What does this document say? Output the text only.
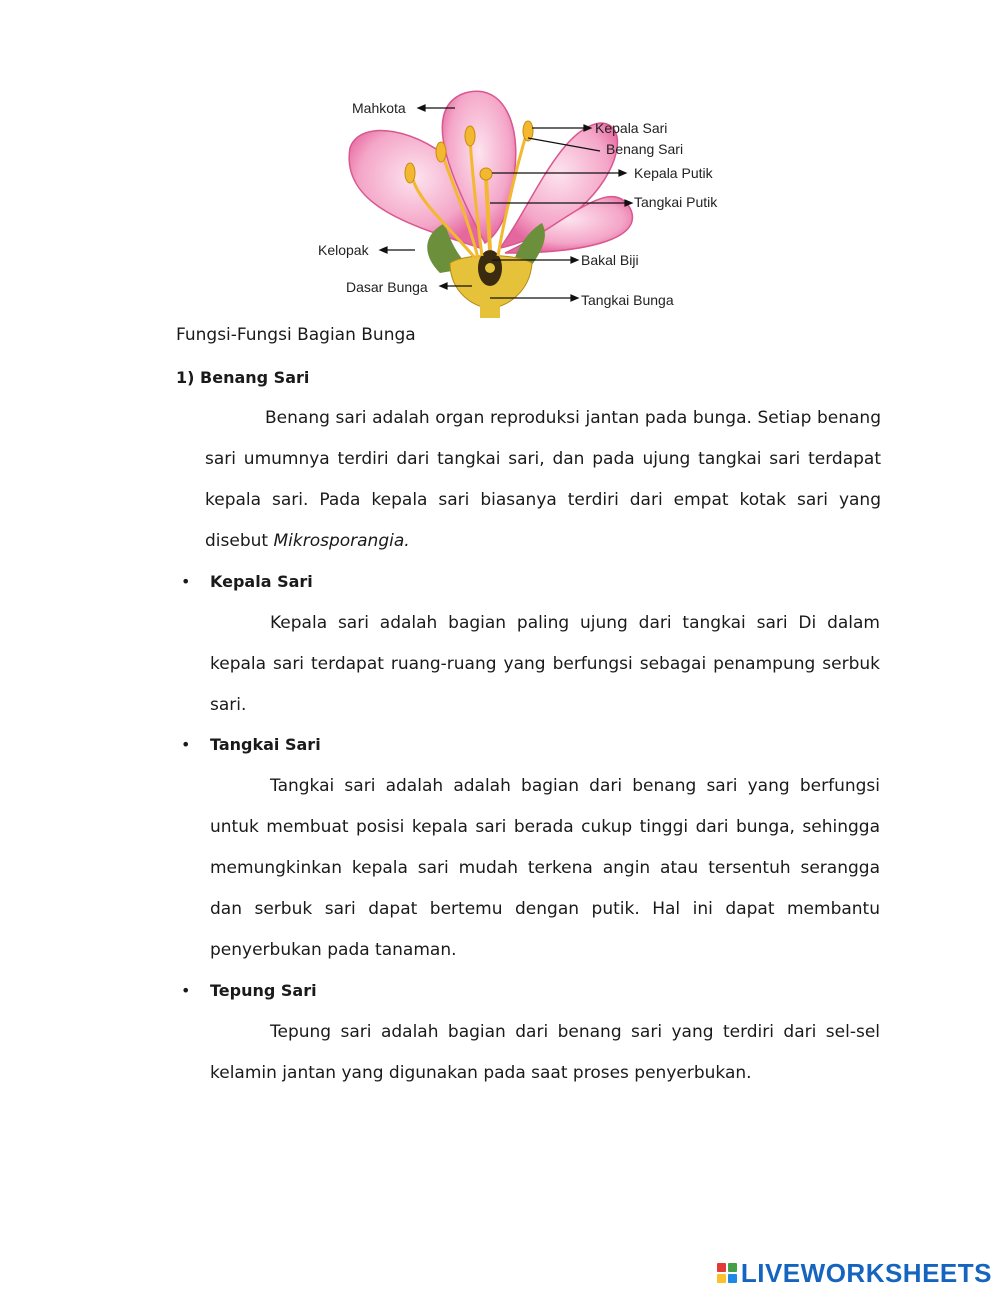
Mahkota
Kepala Sari
Benang Sari
Kepala Putik
Tangkai Putik
Kelopak
Bakal Biji
Dasar Bunga
Tangkai Bunga
Fungsi-Fungsi Bagian Bunga
1) Benang Sari
Benang sari adalah organ reproduksi jantan pada bunga. Setiap benang sari umumnya terdiri dari tangkai sari, dan pada ujung tangkai sari terdapat kepala sari. Pada kepala sari biasanya terdiri dari empat kotak sari yang disebut Mikrosporangia.
• Kepala Sari
Kepala sari adalah bagian paling ujung dari tangkai sari Di dalam kepala sari terdapat ruang-ruang yang berfungsi sebagai penampung serbuk sari.
• Tangkai Sari
Tangkai sari adalah adalah bagian dari benang sari yang berfungsi untuk membuat posisi kepala sari berada cukup tinggi dari bunga, sehingga memungkinkan kepala sari mudah terkena angin atau tersentuh serangga dan serbuk sari dapat bertemu dengan putik. Hal ini dapat membantu penyerbukan pada tanaman.
• Tepung Sari
Tepung sari adalah bagian dari benang sari yang terdiri dari sel-sel kelamin jantan yang digunakan pada saat proses penyerbukan.
LIVEWORKSHEETS
